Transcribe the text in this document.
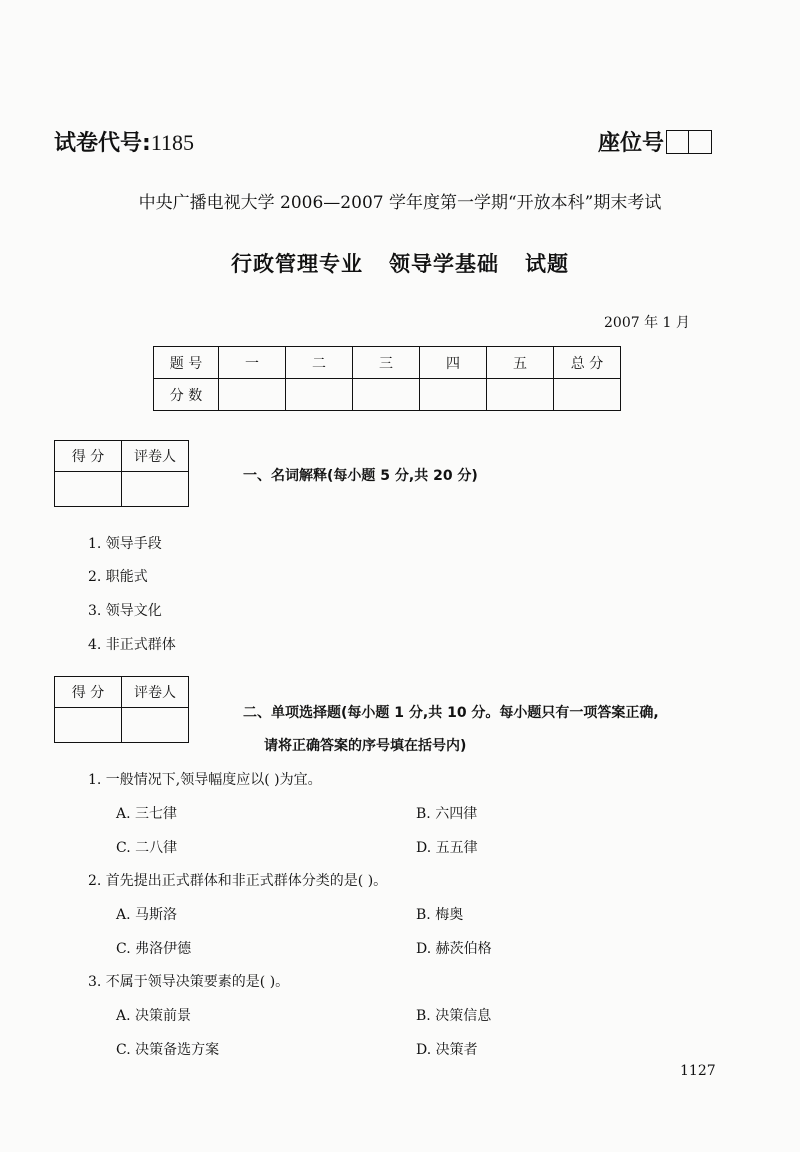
试卷代号:1185	座位号
中央广播电视大学 2006—2007 学年度第一学期“开放本科”期末考试
行政管理专业 领导学基础 试题
2007 年 1 月
题 号	一	二	三	四	五	总 分
分 数						
得 分	评卷人

一、名词解释(每小题 5 分,共 20 分)
1. 领导手段
2. 职能式
3. 领导文化
4. 非正式群体
得 分	评卷人

二、单项选择题(每小题 1 分,共 10 分。每小题只有一项答案正确,
请将正确答案的序号填在括号内)
1. 一般情况下,领导幅度应以( )为宜。
A. 三七律	B. 六四律
C. 二八律	D. 五五律
2. 首先提出正式群体和非正式群体分类的是( )。
A. 马斯洛	B. 梅奥
C. 弗洛伊德	D. 赫茨伯格
3. 不属于领导决策要素的是( )。
A. 决策前景	B. 决策信息
C. 决策备选方案	D. 决策者
1127
